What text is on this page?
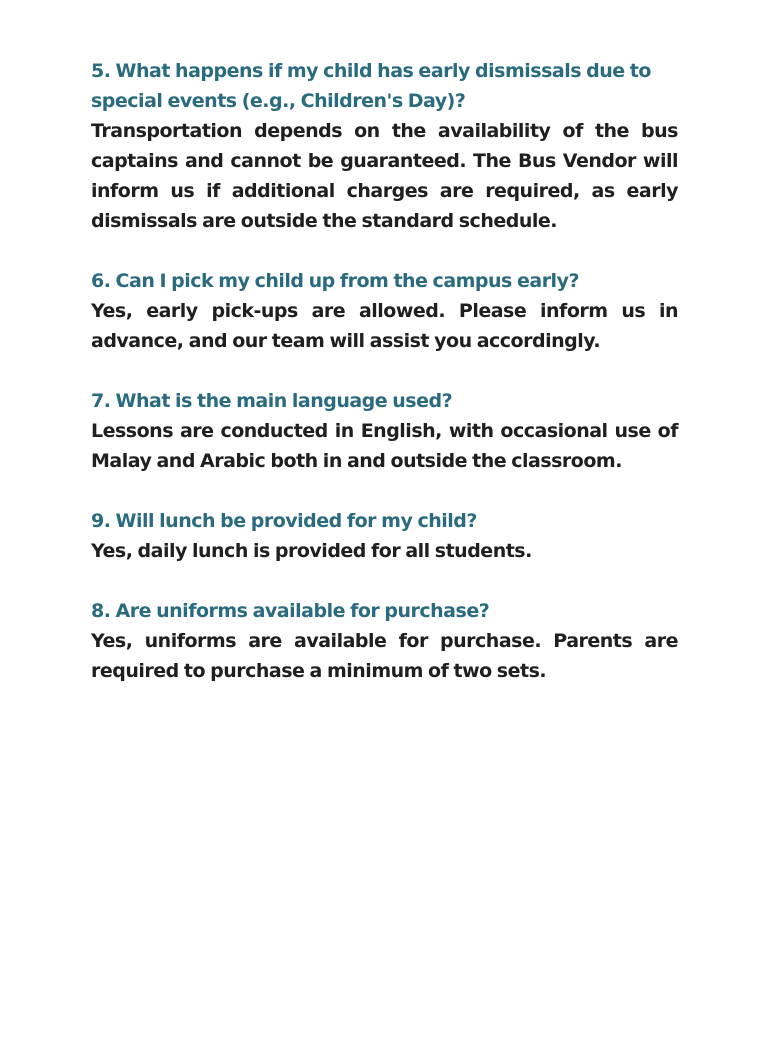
5. What happens if my child has early dismissals due to special events (e.g., Children's Day)?

Transportation depends on the availability of the bus captains and cannot be guaranteed. The Bus Vendor will inform us if additional charges are required, as early dismissals are outside the standard schedule.

6. Can I pick my child up from the campus early?

Yes, early pick-ups are allowed. Please inform us in advance, and our team will assist you accordingly.

7. What is the main language used?

Lessons are conducted in English, with occasional use of Malay and Arabic both in and outside the classroom.

9. Will lunch be provided for my child?

Yes, daily lunch is provided for all students.

8. Are uniforms available for purchase?

Yes, uniforms are available for purchase. Parents are required to purchase a minimum of two sets.
